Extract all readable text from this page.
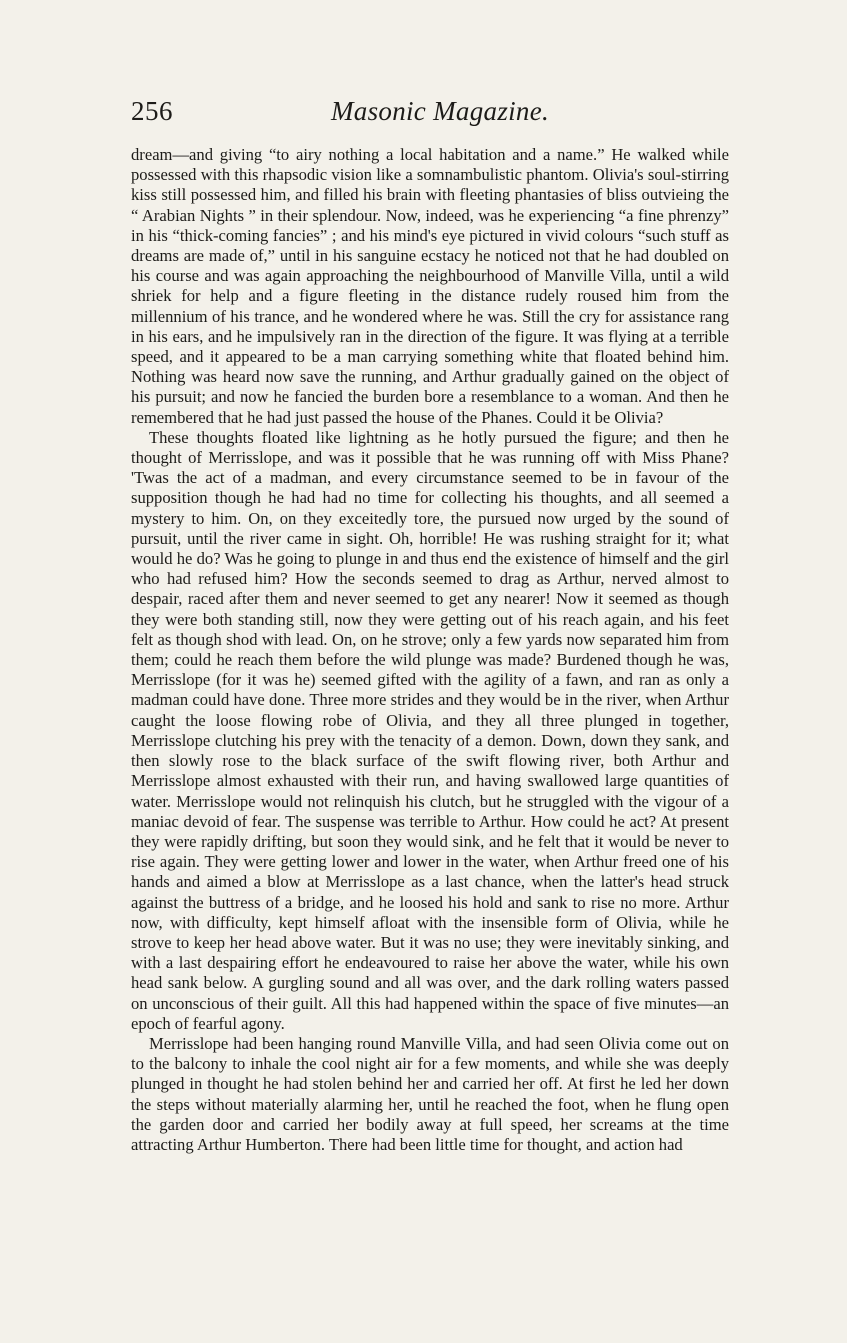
256	Masonic Magazine.

dream—and giving “to airy nothing a local habitation and a name.” He walked while possessed with this rhapsodic vision like a somnambulistic phantom. Olivia's soul-stirring kiss still possessed him, and filled his brain with fleeting phantasies of bliss outvieing the “ Arabian Nights ” in their splendour. Now, indeed, was he experiencing “a fine phrenzy” in his “thick-coming fancies” ; and his mind's eye pictured in vivid colours “such stuff as dreams are made of,” until in his sanguine ecstacy he noticed not that he had doubled on his course and was again approaching the neighbourhood of Manville Villa, until a wild shriek for help and a figure fleeting in the distance rudely roused him from the millennium of his trance, and he wondered where he was. Still the cry for assistance rang in his ears, and he impulsively ran in the direction of the figure. It was flying at a terrible speed, and it appeared to be a man carrying something white that floated behind him. Nothing was heard now save the running, and Arthur gradually gained on the object of his pursuit; and now he fancied the burden bore a resemblance to a woman. And then he remembered that he had just passed the house of the Phanes. Could it be Olivia?

These thoughts floated like lightning as he hotly pursued the figure; and then he thought of Merrisslope, and was it possible that he was running off with Miss Phane? 'Twas the act of a madman, and every circumstance seemed to be in favour of the supposition though he had had no time for collecting his thoughts, and all seemed a mystery to him. On, on they exceitedly tore, the pursued now urged by the sound of pursuit, until the river came in sight. Oh, horrible! He was rushing straight for it; what would he do? Was he going to plunge in and thus end the existence of himself and the girl who had refused him? How the seconds seemed to drag as Arthur, nerved almost to despair, raced after them and never seemed to get any nearer! Now it seemed as though they were both standing still, now they were getting out of his reach again, and his feet felt as though shod with lead. On, on he strove; only a few yards now separated him from them; could he reach them before the wild plunge was made? Burdened though he was, Merrisslope (for it was he) seemed gifted with the agility of a fawn, and ran as only a madman could have done. Three more strides and they would be in the river, when Arthur caught the loose flowing robe of Olivia, and they all three plunged in together, Merrisslope clutching his prey with the tenacity of a demon. Down, down they sank, and then slowly rose to the black surface of the swift flowing river, both Arthur and Merrisslope almost exhausted with their run, and having swallowed large quantities of water. Merrisslope would not relinquish his clutch, but he struggled with the vigour of a maniac devoid of fear. The suspense was terrible to Arthur. How could he act? At present they were rapidly drifting, but soon they would sink, and he felt that it would be never to rise again. They were getting lower and lower in the water, when Arthur freed one of his hands and aimed a blow at Merrisslope as a last chance, when the latter's head struck against the buttress of a bridge, and he loosed his hold and sank to rise no more. Arthur now, with difficulty, kept himself afloat with the insensible form of Olivia, while he strove to keep her head above water. But it was no use; they were inevitably sinking, and with a last despairing effort he endeavoured to raise her above the water, while his own head sank below. A gurgling sound and all was over, and the dark rolling waters passed on unconscious of their guilt. All this had happened within the space of five minutes—an epoch of fearful agony.

Merrisslope had been hanging round Manville Villa, and had seen Olivia come out on to the balcony to inhale the cool night air for a few moments, and while she was deeply plunged in thought he had stolen behind her and carried her off. At first he led her down the steps without materially alarming her, until he reached the foot, when he flung open the garden door and carried her bodily away at full speed, her screams at the time attracting Arthur Humberton. There had been little time for thought, and action had
